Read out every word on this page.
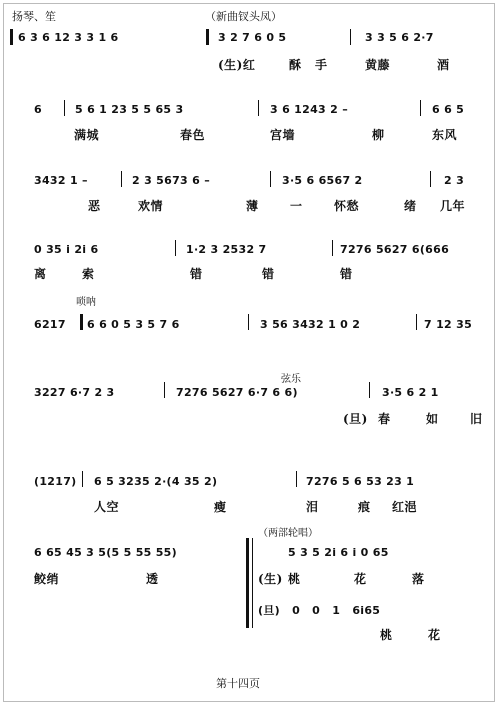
扬琴、笙	（新曲钗头凤）
6 3 6 12 3 3 1 6	3 2 7 6 0 5	3 3 5 6 2·7
(生)红	酥 手	黄藤	酒
6	5 6 1 23 5 5 65 3	3 6 1243 2 –	6 6 5
满城	春色	宫墙	柳	东风
3432 1 –	2 3 5673 6 –	3·5 6 6567 2	2 3
恶	欢情	薄	一	怀愁	绪 几年
0 35 i 2i 6	1·2 3 2532 7	7276 5627 6(666
离	索	错	错	错
唢呐
6217 6 6 0 5 3 5 7 6	3 56 3432 1 0 2	7 12 35
弦乐
3227 6·7 2 3	7276 5627 6·7 6 6)	3·5 6 2 1
(旦) 春	如	旧
(1217) 6 5 3235 2·(4 35 2)	7276 5 6 53 23 1
人空	瘦	泪	痕 红浥
（两部轮唱）
6 65 45 3 5(5 5 55 55)	5 3 5 2i 6 i 0 65
鲛绡	透	(生) 桃	花	落
(旦) 0 0 1 6i65
桃	花
第十四页
